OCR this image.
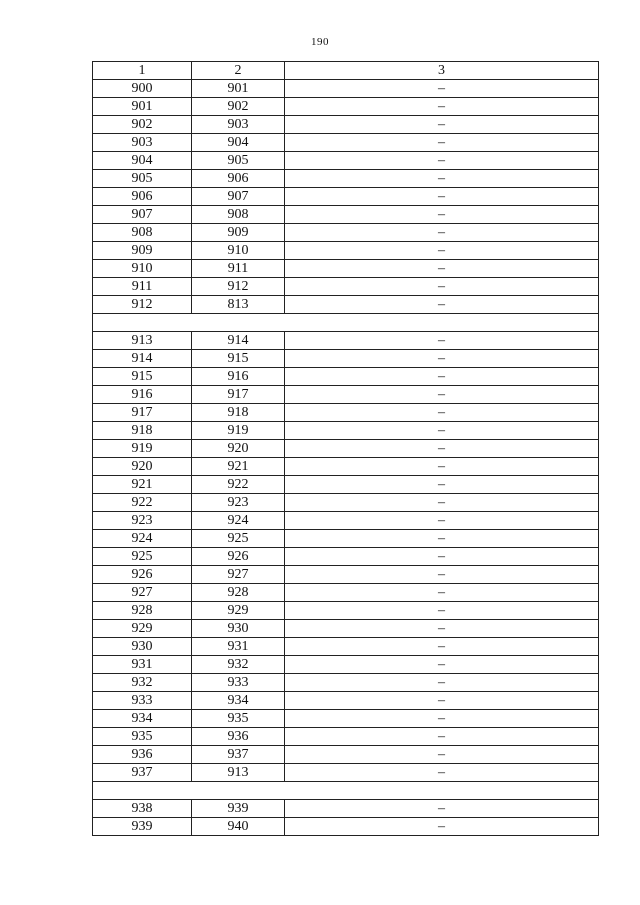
190
1	2	3
900	901	–
901	902	–
902	903	–
903	904	–
904	905	–
905	906	–
906	907	–
907	908	–
908	909	–
909	910	–
910	911	–
911	912	–
912	813	–

913	914	–
914	915	–
915	916	–
916	917	–
917	918	–
918	919	–
919	920	–
920	921	–
921	922	–
922	923	–
923	924	–
924	925	–
925	926	–
926	927	–
927	928	–
928	929	–
929	930	–
930	931	–
931	932	–
932	933	–
933	934	–
934	935	–
935	936	–
936	937	–
937	913	–

938	939	–
939	940	–
